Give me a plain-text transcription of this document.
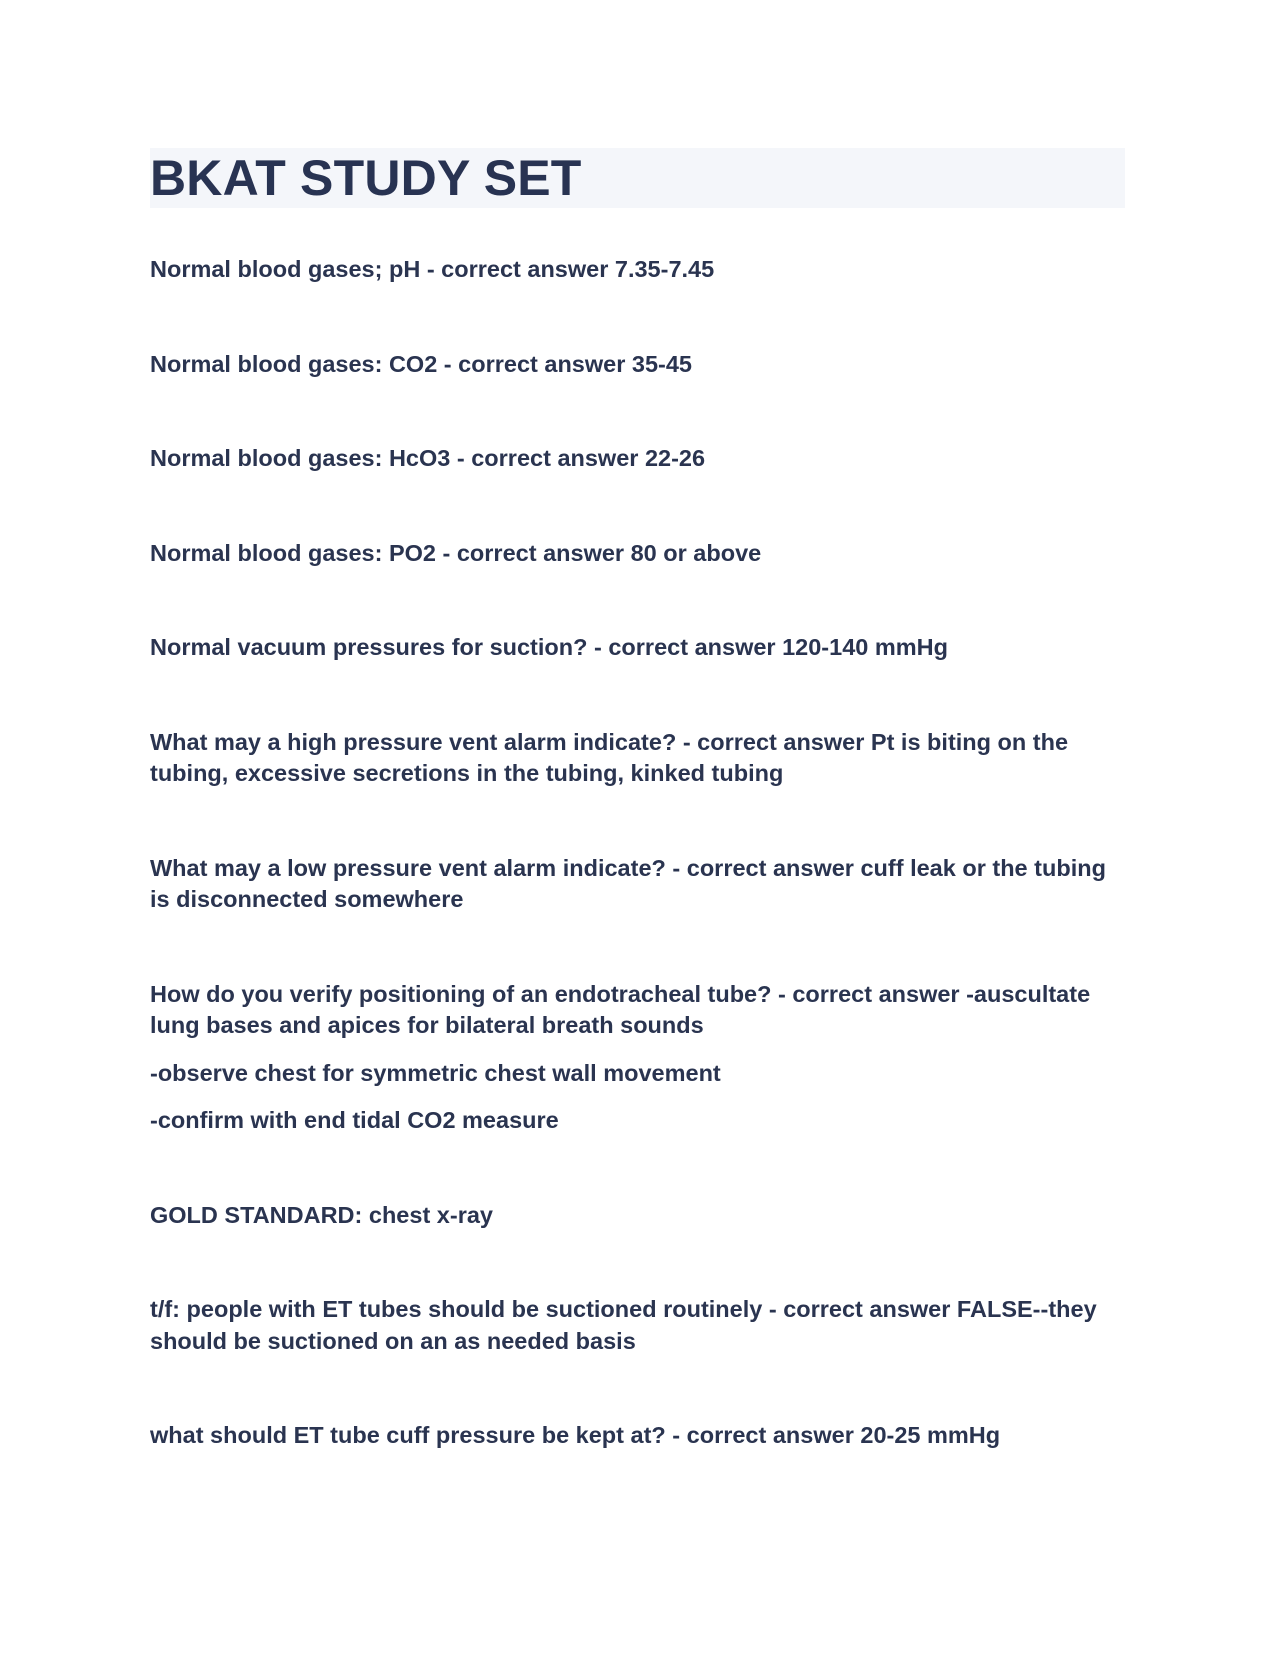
BKAT STUDY SET

Normal blood gases; pH - correct answer 7.35-7.45

Normal blood gases: CO2 - correct answer 35-45

Normal blood gases: HcO3 - correct answer 22-26

Normal blood gases: PO2 - correct answer 80 or above

Normal vacuum pressures for suction? - correct answer 120-140 mmHg

What may a high pressure vent alarm indicate? - correct answer Pt is biting on the tubing, excessive secretions in the tubing, kinked tubing

What may a low pressure vent alarm indicate? - correct answer cuff leak or the tubing is disconnected somewhere

How do you verify positioning of an endotracheal tube? - correct answer -auscultate lung bases and apices for bilateral breath sounds

-observe chest for symmetric chest wall movement

-confirm with end tidal CO2 measure

GOLD STANDARD: chest x-ray

t/f: people with ET tubes should be suctioned routinely - correct answer FALSE--they should be suctioned on an as needed basis

what should ET tube cuff pressure be kept at? - correct answer 20-25 mmHg
